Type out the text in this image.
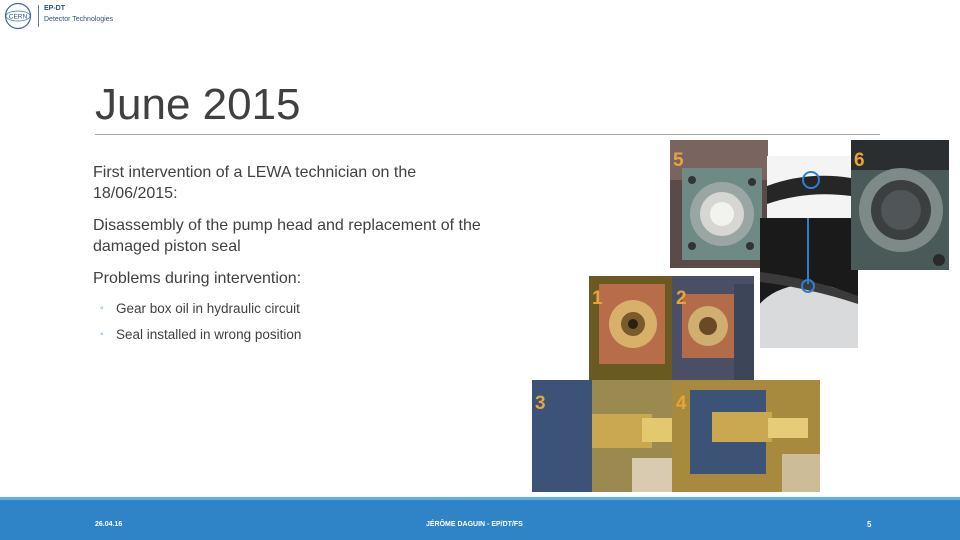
CERN
EP-DT
Detector Technologies
June 2015

First intervention of a LEWA technician on the 18/06/2015:

Disassembly of the pump head and replacement of the damaged piston seal

Problems during intervention:

◦ Gear box oil in hydraulic circuit
◦ Seal installed in wrong position
5	6
1	2
3	4
26.04.16	JÉRÔME DAGUIN - EP/DT/FS	5
